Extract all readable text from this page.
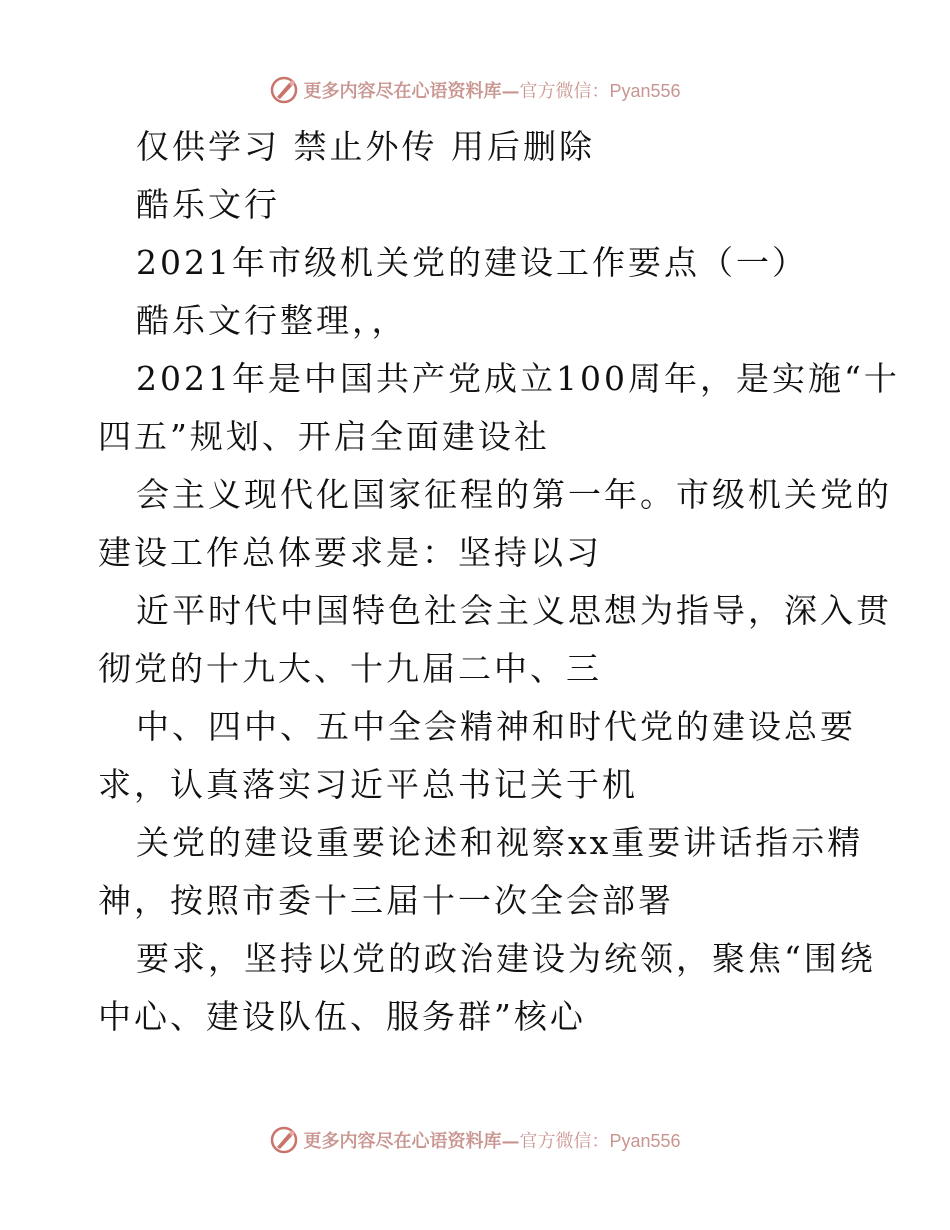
更多内容尽在心语资料库—官方微信：Pyan556
仅供学习 禁止外传 用后删除
酷乐文行
2021年市级机关党的建设工作要点（一）
酷乐文行整理，，
2021年是中国共产党成立100周年，是实施“十
四五”规划、开启全面建设社
会主义现代化国家征程的第一年。市级机关党的
建设工作总体要求是：坚持以习
近平时代中国特色社会主义思想为指导，深入贯
彻党的十九大、十九届二中、三
中、四中、五中全会精神和时代党的建设总要
求，认真落实习近平总书记关于机
关党的建设重要论述和视察xx重要讲话指示精
神，按照市委十三届十一次全会部署
要求，坚持以党的政治建设为统领，聚焦“围绕
中心、建设队伍、服务群”核心
更多内容尽在心语资料库—官方微信：Pyan556
